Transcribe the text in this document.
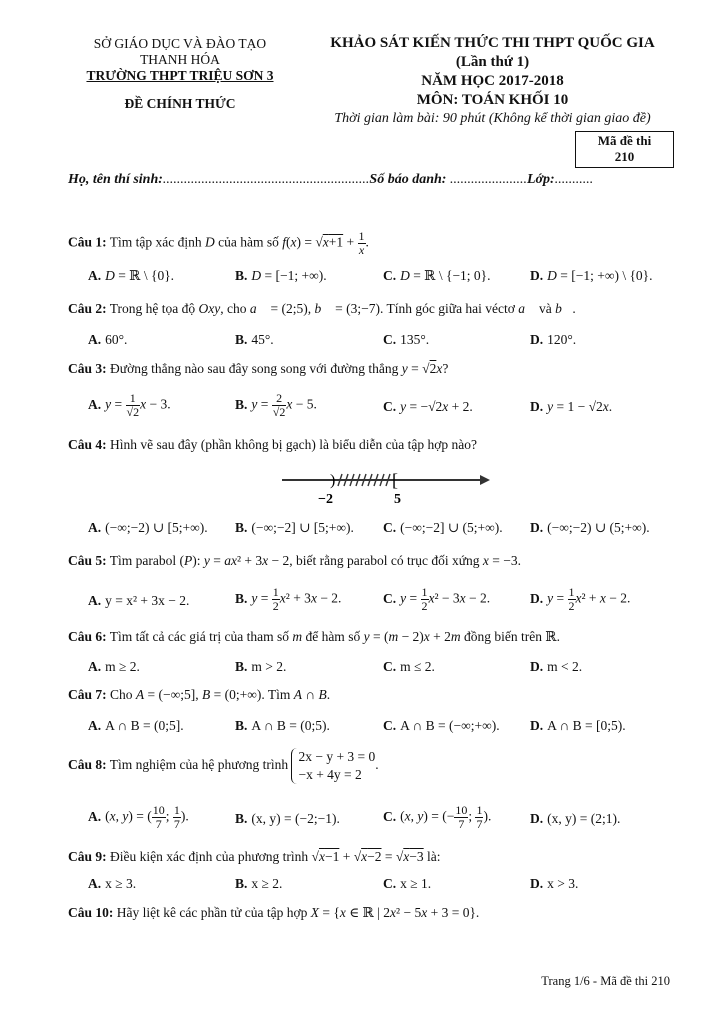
SỞ GIÁO DỤC VÀ ĐÀO TẠO
THANH HÓA
TRƯỜNG THPT TRIỆU SƠN 3
ĐỀ CHÍNH THỨC
KHẢO SÁT KIẾN THỨC THI THPT QUỐC GIA
(Lần thứ 1)
NĂM HỌC 2017-2018
MÔN: TOÁN KHỐI 10
Thời gian làm bài: 90 phút (Không kể thời gian giao đề)
Mã đề thi
210
Họ, tên thí sinh:...........................................................Số báo danh: ......................Lớp:...........
Câu 1: Tìm tập xác định D của hàm số $f(x) = √x+1 + \frac{1}{x}$ .
A. D = ℝ \ {0}.	B. D = [−1; +∞).	C. D = ℝ \ {−1; 0}.	D. D = [−1; +∞) \ {0}.
Câu 2: Trong hệ tọa độ Oxy, cho a⃗ = (2;5), b⃗ = (3;−7). Tính góc giữa hai véctơ a⃗ và b⃗.
A. 60°.	B. 45°.	C. 135°.	D. 120°.
Câu 3: Đường thẳng nào sau đây song song với đường thẳng y = √2x?
A. $y = \frac{1}{√2}$ x − 3.	B. $y = \frac{2}{√2}$ x − 5.	C. y = −√2x + 2.	D. y = 1 − √2x.
Câu 4: Hình vẽ sau đây (phần không bị gạch) là biểu diễn của tập hợp nào?
)	[
−2	5
A. (−∞;−2) ∪ [5;+∞). B. (−∞;−2] ∪ [5;+∞). C. (−∞;−2] ∪ (5;+∞). D. (−∞;−2) ∪ (5;+∞).
Câu 5: Tìm parabol (P): y = ax² + 3x − 2, biết rằng parabol có trục đối xứng x = −3.
A. y = x² + 3x − 2.	B. $y = \frac{1}{2} x^2 + 3x - 2$.	C. $y = \frac{1}{2} x^2 - 3x - 2$.	D. $y = \frac{1}{2} x^2 + x - 2$.
Câu 6: Tìm tất cả các giá trị của tham số m để hàm số y = (m − 2)x + 2m đồng biến trên ℝ.
A. m ≥ 2.	B. m > 2.	C. m ≤ 2.	D. m < 2.
Câu 7: Cho A = (−∞;5], B = (0;+∞). Tìm A ∩ B.
A. A ∩ B = (0;5].	B. A ∩ B = (0;5).	C. A ∩ B = (−∞;+∞). D. A ∩ B = [0;5).
Câu 8: Tìm nghiệm của hệ phương trình
2x − y + 3 = 0
−x + 4y = 2
.
A. (x, y) = ( $\frac{10}{7}$ ; $\frac{1}{7}$ ).	B. (x, y) = (−2;−1).	C. (x, y) = (− $\frac{10}{7}$ ; $\frac{1}{7}$ ).	D. (x, y) = (2;1).
Câu 9: Điều kiện xác định của phương trình √x−1 + √x−2 = √x−3 là:
A. x ≥ 3.	B. x ≥ 2.	C. x ≥ 1.	D. x > 3.
Câu 10: Hãy liệt kê các phần tử của tập hợp X = {x ∈ ℝ | 2x² − 5x + 3 = 0}.
Trang 1/6 - Mã đề thi 210
